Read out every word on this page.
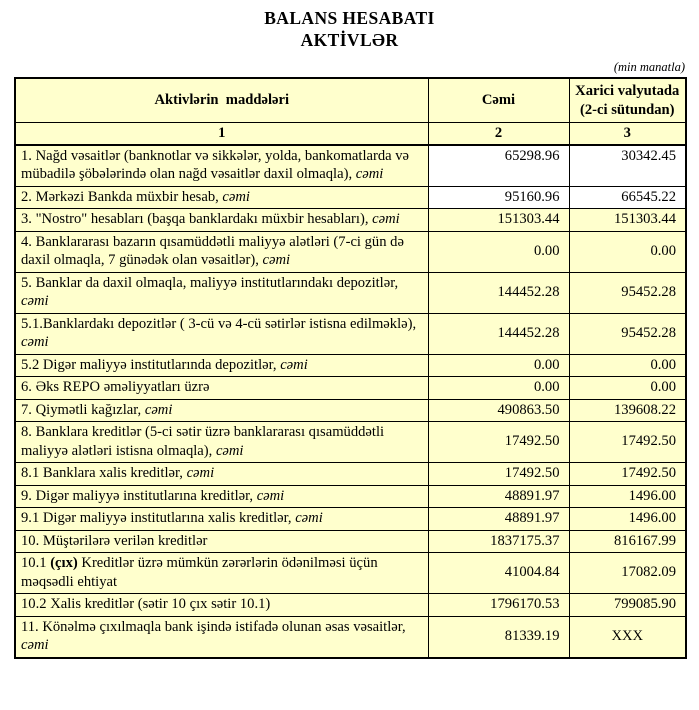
BALANS HESABATI
AKTİVLƏR
(min manatla)
Aktivlərin  maddələri	Cəmi	Xarici valyutada (2-ci sütundan)
1	2	3
1. Nağd vəsaitlər (banknotlar və sikkələr, yolda, bankomatlarda və mübadilə şöbələrində olan nağd vəsaitlər daxil olmaqla), cəmi	65298.96	30342.45
2. Mərkəzi Bankda müxbir hesab, cəmi	95160.96	66545.22
3. "Nostro" hesabları (başqa banklardakı müxbir hesabları), cəmi	151303.44	151303.44
4. Banklararası bazarın qısamüddətli maliyyə alətləri (7-ci gün də daxil olmaqla, 7 günədək olan vəsaitlər), cəmi	0.00	0.00
5. Banklar da daxil olmaqla, maliyyə institutlarındakı depozitlər, cəmi	144452.28	95452.28
5.1.Banklardakı depozitlər ( 3-cü və 4-cü sətirlər istisna edilməklə), cəmi	144452.28	95452.28
5.2 Digər maliyyə institutlarında depozitlər, cəmi	0.00	0.00
6. Əks REPO əməliyyatları üzrə	0.00	0.00
7. Qiymətli kağızlar, cəmi	490863.50	139608.22
8. Banklara kreditlər (5-ci sətir üzrə banklararası qısamüddətli maliyyə alətləri istisna olmaqla), cəmi	17492.50	17492.50
8.1 Banklara xalis kreditlər, cəmi	17492.50	17492.50
9. Digər maliyyə institutlarına kreditlər, cəmi	48891.97	1496.00
9.1 Digər maliyyə institutlarına xalis kreditlər, cəmi	48891.97	1496.00
10. Müştərilərə verilən kreditlər	1837175.37	816167.99
10.1 (çıx) Kreditlər üzrə mümkün zərərlərin ödənilməsi üçün məqsədli ehtiyat	41004.84	17082.09
10.2 Xalis kreditlər (sətir 10 çıx sətir 10.1)	1796170.53	799085.90
11. Könəlmə çıxılmaqla bank işində istifadə olunan əsas vəsaitlər, cəmi	81339.19	XXX
